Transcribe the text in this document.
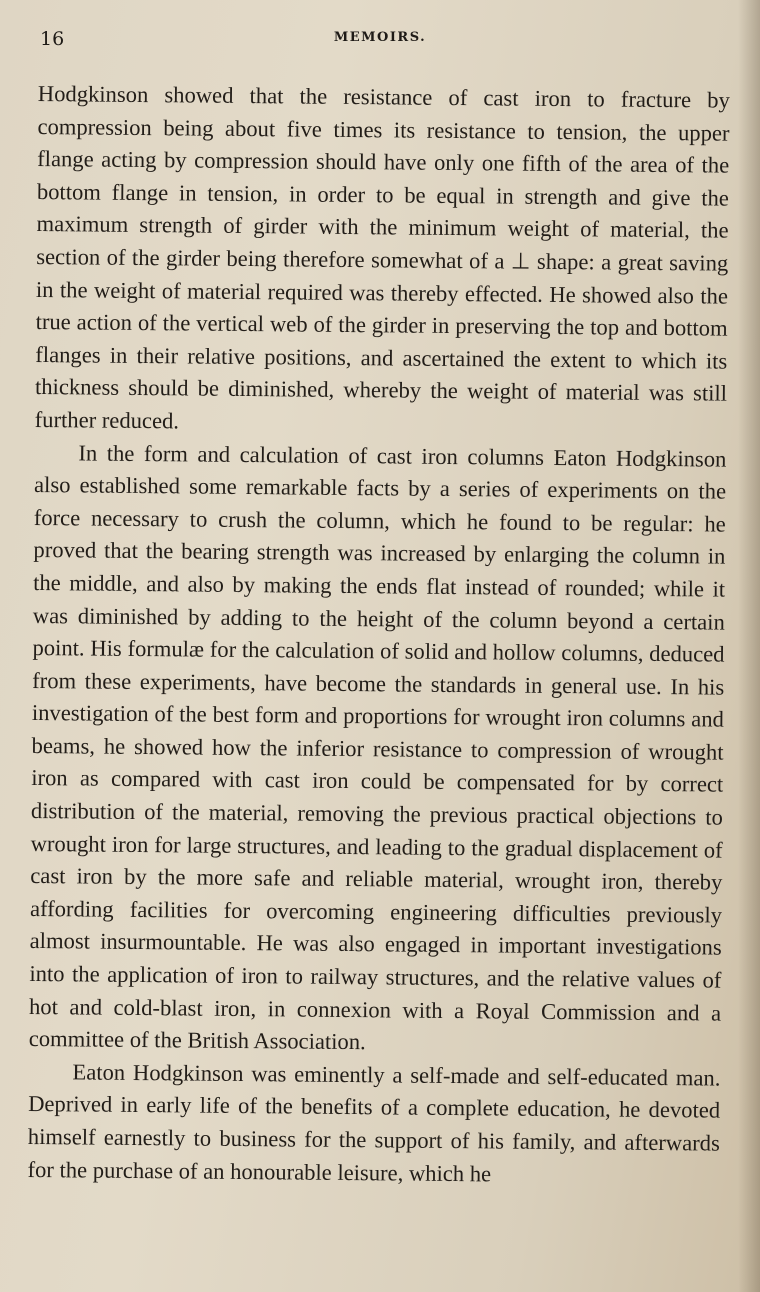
16	MEMOIRS.

Hodgkinson showed that the resistance of cast iron to fracture by compression being about five times its resistance to tension, the upper flange acting by compression should have only one fifth of the area of the bottom flange in tension, in order to be equal in strength and give the maximum strength of girder with the minimum weight of material, the section of the girder being therefore somewhat of a ⊥ shape: a great saving in the weight of material required was thereby effected. He showed also the true action of the vertical web of the girder in preserving the top and bottom flanges in their relative positions, and ascertained the extent to which its thickness should be diminished, whereby the weight of material was still further reduced.

In the form and calculation of cast iron columns Eaton Hodgkinson also established some remarkable facts by a series of experiments on the force necessary to crush the column, which he found to be regular: he proved that the bearing strength was increased by enlarging the column in the middle, and also by making the ends flat instead of rounded; while it was diminished by adding to the height of the column beyond a certain point. His formulæ for the calculation of solid and hollow columns, deduced from these experiments, have become the standards in general use. In his investigation of the best form and proportions for wrought iron columns and beams, he showed how the inferior resistance to compression of wrought iron as compared with cast iron could be compensated for by correct distribution of the material, removing the previous practical objections to wrought iron for large structures, and leading to the gradual displacement of cast iron by the more safe and reliable material, wrought iron, thereby affording facilities for overcoming engineering difficulties previously almost insurmountable. He was also engaged in important investigations into the application of iron to railway structures, and the relative values of hot and cold-blast iron, in connexion with a Royal Commission and a committee of the British Association.

Eaton Hodgkinson was eminently a self-made and self-educated man. Deprived in early life of the benefits of a complete education, he devoted himself earnestly to business for the support of his family, and afterwards for the purchase of an honourable leisure, which he
